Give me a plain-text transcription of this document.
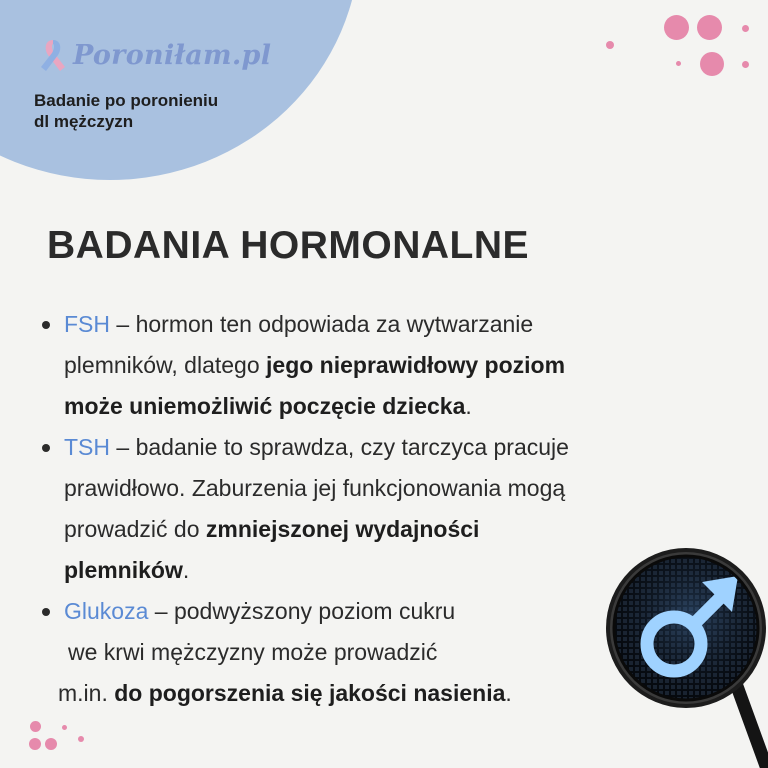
Poroniłam.pl
Badanie po poronieniu
dl mężczyzn
BADANIA HORMONALNE
FSH – hormon ten odpowiada za wytwarzanie
plemników, dlatego jego nieprawidłowy poziom
może uniemożliwić poczęcie dziecka.
TSH – badanie to sprawdza, czy tarczyca pracuje
prawidłowo. Zaburzenia jej funkcjonowania mogą
prowadzić do zmniejszonej wydajności
plemników.
Glukoza – podwyższony poziom cukru
we krwi mężczyzny może prowadzić
m.in. do pogorszenia się jakości nasienia.
